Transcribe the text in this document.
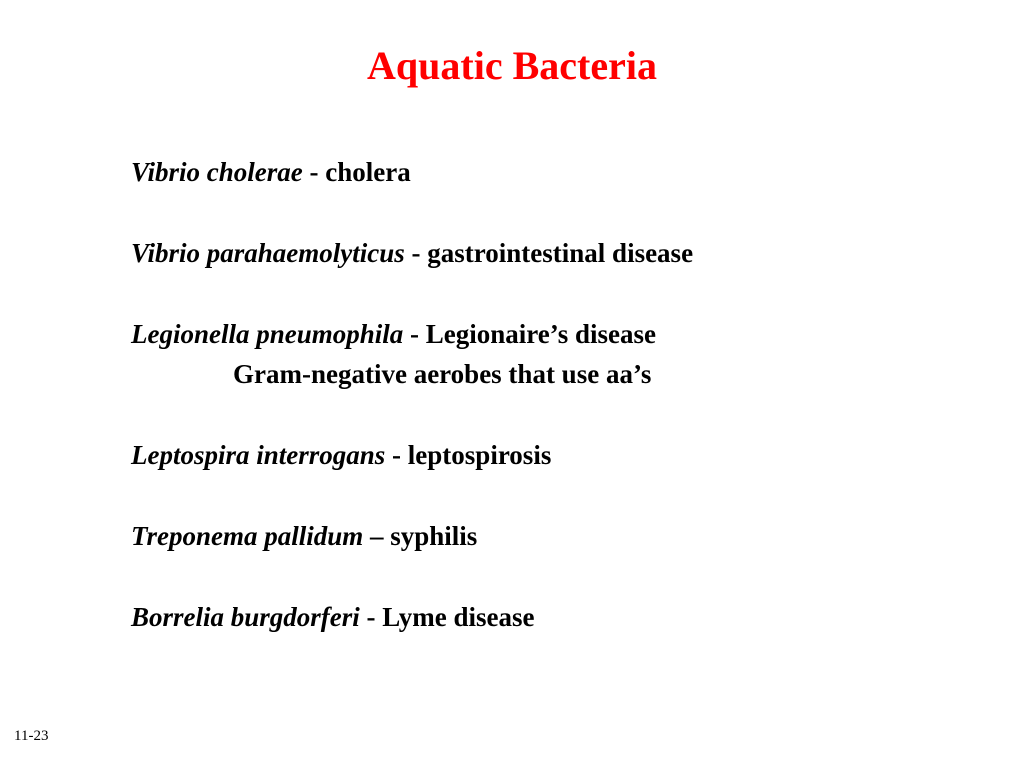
Aquatic Bacteria
Vibrio cholerae - cholera
Vibrio parahaemolyticus - gastrointestinal disease
Legionella pneumophila - Legionaire’s disease
Gram-negative aerobes that use aa’s
Leptospira interrogans - leptospirosis
Treponema pallidum – syphilis
Borrelia burgdorferi - Lyme disease
11-23
